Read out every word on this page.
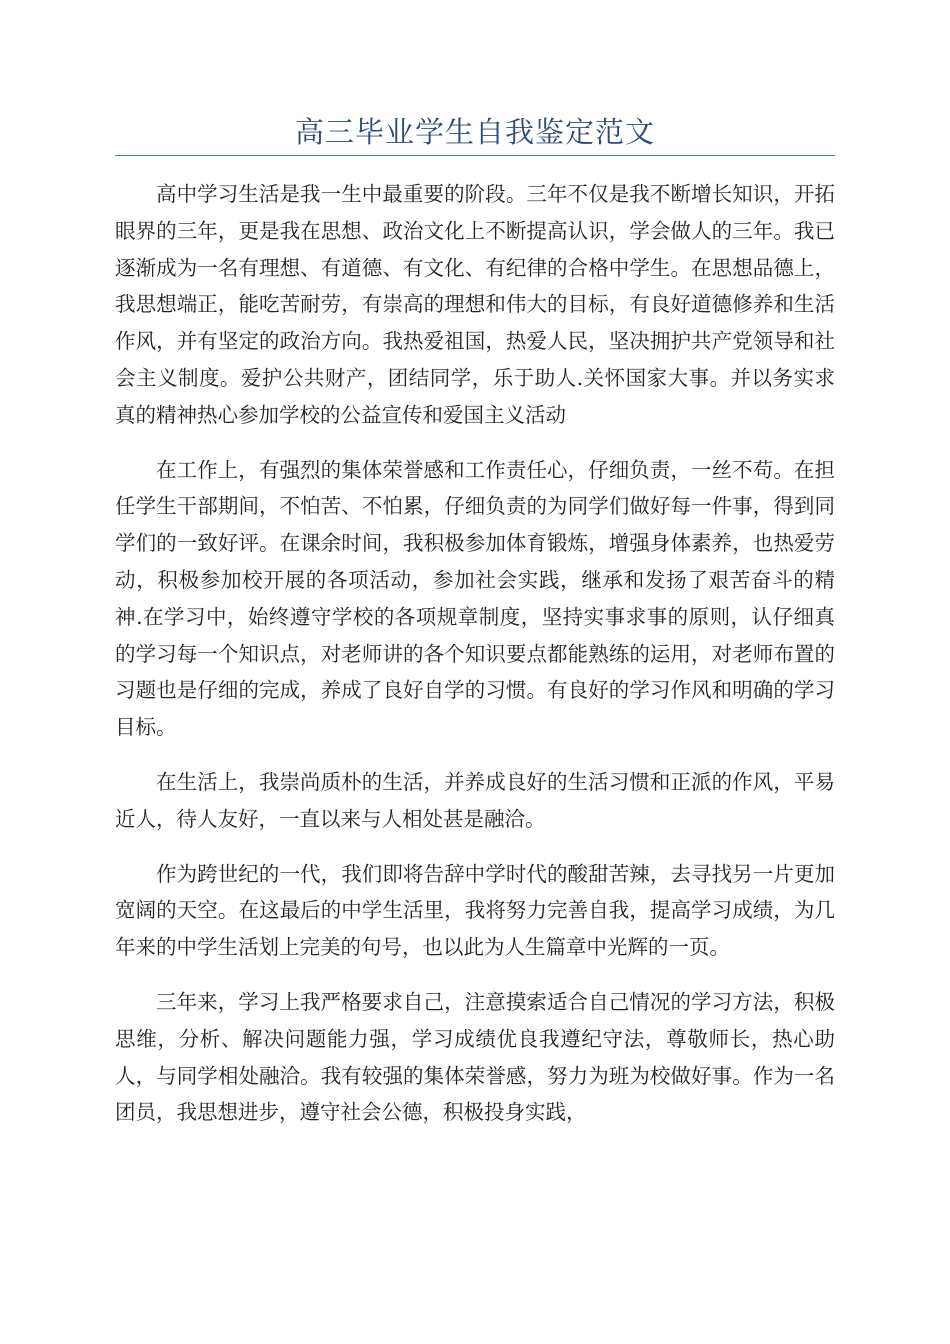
高三毕业学生自我鉴定范文

高中学习生活是我一生中最重要的阶段。三年不仅是我不断增长知识，开拓眼界的三年，更是我在思想、政治文化上不断提高认识，学会做人的三年。我已逐渐成为一名有理想、有道德、有文化、有纪律的合格中学生。在思想品德上，我思想端正，能吃苦耐劳，有崇高的理想和伟大的目标，有良好道德修养和生活作风，并有坚定的政治方向。我热爱祖国，热爱人民，坚决拥护共产党领导和社会主义制度。爱护公共财产，团结同学，乐于助人.关怀国家大事。并以务实求真的精神热心参加学校的公益宣传和爱国主义活动

在工作上，有强烈的集体荣誉感和工作责任心，仔细负责，一丝不苟。在担任学生干部期间，不怕苦、不怕累，仔细负责的为同学们做好每一件事，得到同学们的一致好评。在课余时间，我积极参加体育锻炼，增强身体素养，也热爱劳动，积极参加校开展的各项活动，参加社会实践，继承和发扬了艰苦奋斗的精神.在学习中，始终遵守学校的各项规章制度，坚持实事求事的原则，认仔细真的学习每一个知识点，对老师讲的各个知识要点都能熟练的运用，对老师布置的习题也是仔细的完成，养成了良好自学的习惯。有良好的学习作风和明确的学习目标。

在生活上，我崇尚质朴的生活，并养成良好的生活习惯和正派的作风，平易近人，待人友好，一直以来与人相处甚是融洽。

作为跨世纪的一代，我们即将告辞中学时代的酸甜苦辣，去寻找另一片更加宽阔的天空。在这最后的中学生活里，我将努力完善自我，提高学习成绩，为几年来的中学生活划上完美的句号，也以此为人生篇章中光辉的一页。

三年来，学习上我严格要求自己，注意摸索适合自己情况的学习方法，积极思维，分析、解决问题能力强，学习成绩优良我遵纪守法，尊敬师长，热心助人，与同学相处融洽。我有较强的集体荣誉感，努力为班为校做好事。作为一名团员，我思想进步，遵守社会公德，积极投身实践，
